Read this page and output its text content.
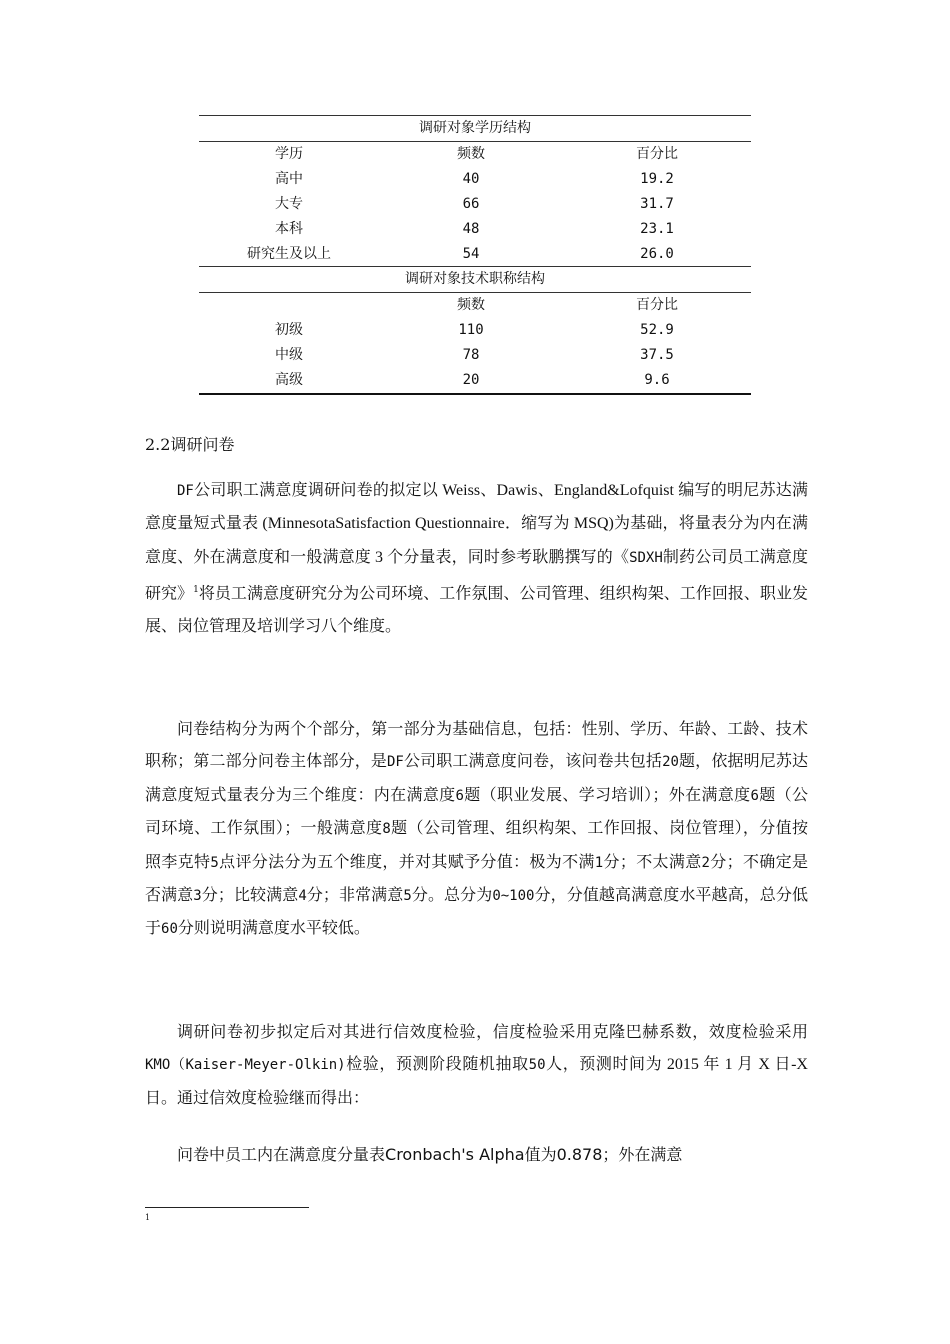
调研对象学历结构		
学历	频数	百分比
高中	40	19.2
大专	66	31.7
本科	48	23.1
研究生及以上	54	26.0
调研对象技术职称结构		
	频数	百分比
初级	110	52.9
中级	78	37.5
高级	20	9.6
2.2调研问卷

DF公司职工满意度调研问卷的拟定以 Weiss、Dawis、England&Lofquist 编写的明尼苏达满意度量短式量表 (MinnesotaSatisfaction Questionnaire．缩写为 MSQ)为基础，将量表分为内在满意度、外在满意度和一般满意度 3 个分量表，同时参考耿鹏撰写的《SDXH制药公司员工满意度研究》$^1$将员工满意度研究分为公司环境、工作氛围、公司管理、组织构架、工作回报、职业发展、岗位管理及培训学习八个维度。

问卷结构分为两个个部分，第一部分为基础信息，包括：性别、学历、年龄、工龄、技术职称；第二部分问卷主体部分，是DF公司职工满意度问卷，该问卷共包括20题，依据明尼苏达满意度短式量表分为三个维度：内在满意度6题（职业发展、学习培训）；外在满意度6题（公司环境、工作氛围）；一般满意度8题（公司管理、组织构架、工作回报、岗位管理），分值按照李克特5点评分法分为五个维度，并对其赋予分值：极为不满1分；不太满意2分；不确定是否满意3分；比较满意4分；非常满意5分。总分为0~100分，分值越高满意度水平越高，总分低于60分则说明满意度水平较低。

调研问卷初步拟定后对其进行信效度检验，信度检验采用克隆巴赫系数，效度检验采用KMO（Kaiser-Meyer-Olkin)检验，预测阶段随机抽取50人，预测时间为 2015 年 1 月 X 日-X 日。通过信效度检验继而得出：

问卷中员工内在满意度分量表Cronbach's Alpha值为0.878；外在满意

1
